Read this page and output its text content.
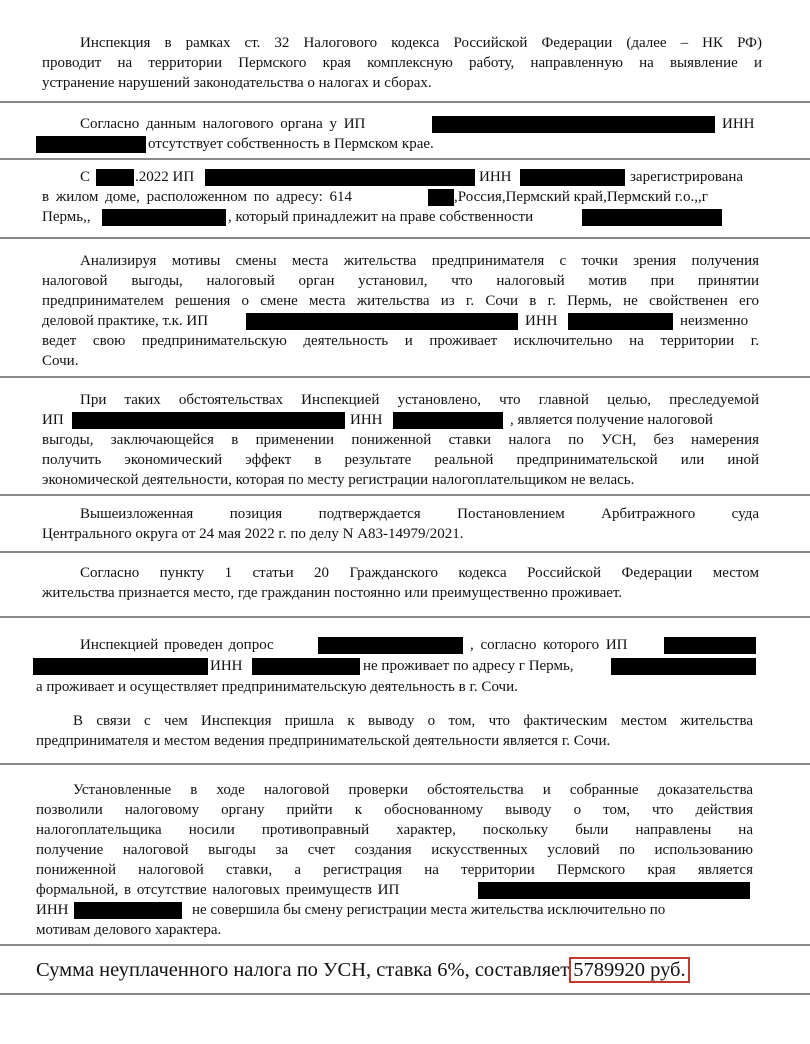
Инспекция в рамках ст. 32 Налогового кодекса Российской Федерации (далее – НК РФ)
проводит на территории Пермского края комплексную работу, направленную на выявление и
устранение нарушений законодательства о налогах и сборах.
Согласно данным налогового органа у ИП	ИНН
отсутствует собственность в Пермском крае.
С	.2022 ИП	ИНН	зарегистрирована
в жилом доме, расположенном по адресу: 614	,Россия,Пермский край,Пермский г.о.,,г
Пермь,,	, который принадлежит на праве собственности
Анализируя мотивы смены места жительства предпринимателя с точки зрения получения
налоговой выгоды, налоговый орган установил, что налоговый мотив при принятии
предпринимателем решения о смене места жительства из г. Сочи в г. Пермь, не свойственен его
деловой практике, т.к. ИП	ИНН	неизменно
ведет свою предпринимательскую деятельность и проживает исключительно на территории г.
Сочи.
При таких обстоятельствах Инспекцией установлено, что главной целью, преследуемой
ИП	ИНН	, является получение налоговой
выгоды, заключающейся в применении пониженной ставки налога по УСН, без намерения
получить экономический эффект в результате реальной предпринимательской или иной
экономической деятельности, которая по месту регистрации налогоплательщиком не велась.
Вышеизложенная позиция подтверждается Постановлением Арбитражного суда
Центрального округа от 24 мая 2022 г. по делу N А83-14979/2021.
Согласно пункту 1 статьи 20 Гражданского кодекса Российской Федерации местом
жительства признается место, где гражданин постоянно или преимущественно проживает.
Инспекцией проведен допрос	, согласно которого ИП
ИНН	не проживает по адресу г Пермь,
а проживает и осуществляет предпринимательскую деятельность в г. Сочи.
В связи с чем Инспекция пришла к выводу о том, что фактическим местом жительства
предпринимателя и местом ведения предпринимательской деятельности является г. Сочи.
Установленные в ходе налоговой проверки обстоятельства и собранные доказательства
позволили налоговому органу прийти к обоснованному выводу о том, что действия
налогоплательщика носили противоправный характер, поскольку были направлены на
получение налоговой выгоды за счет создания искусственных условий по использованию
пониженной налоговой ставки, а регистрация на территории Пермского края является
формальной, в отсутствие налоговых преимуществ ИП
ИНН	не совершила бы смену регистрации места жительства исключительно по
мотивам делового характера.
Сумма неуплаченного налога по УСН, ставка 6%, составляет 5789920 руб.
